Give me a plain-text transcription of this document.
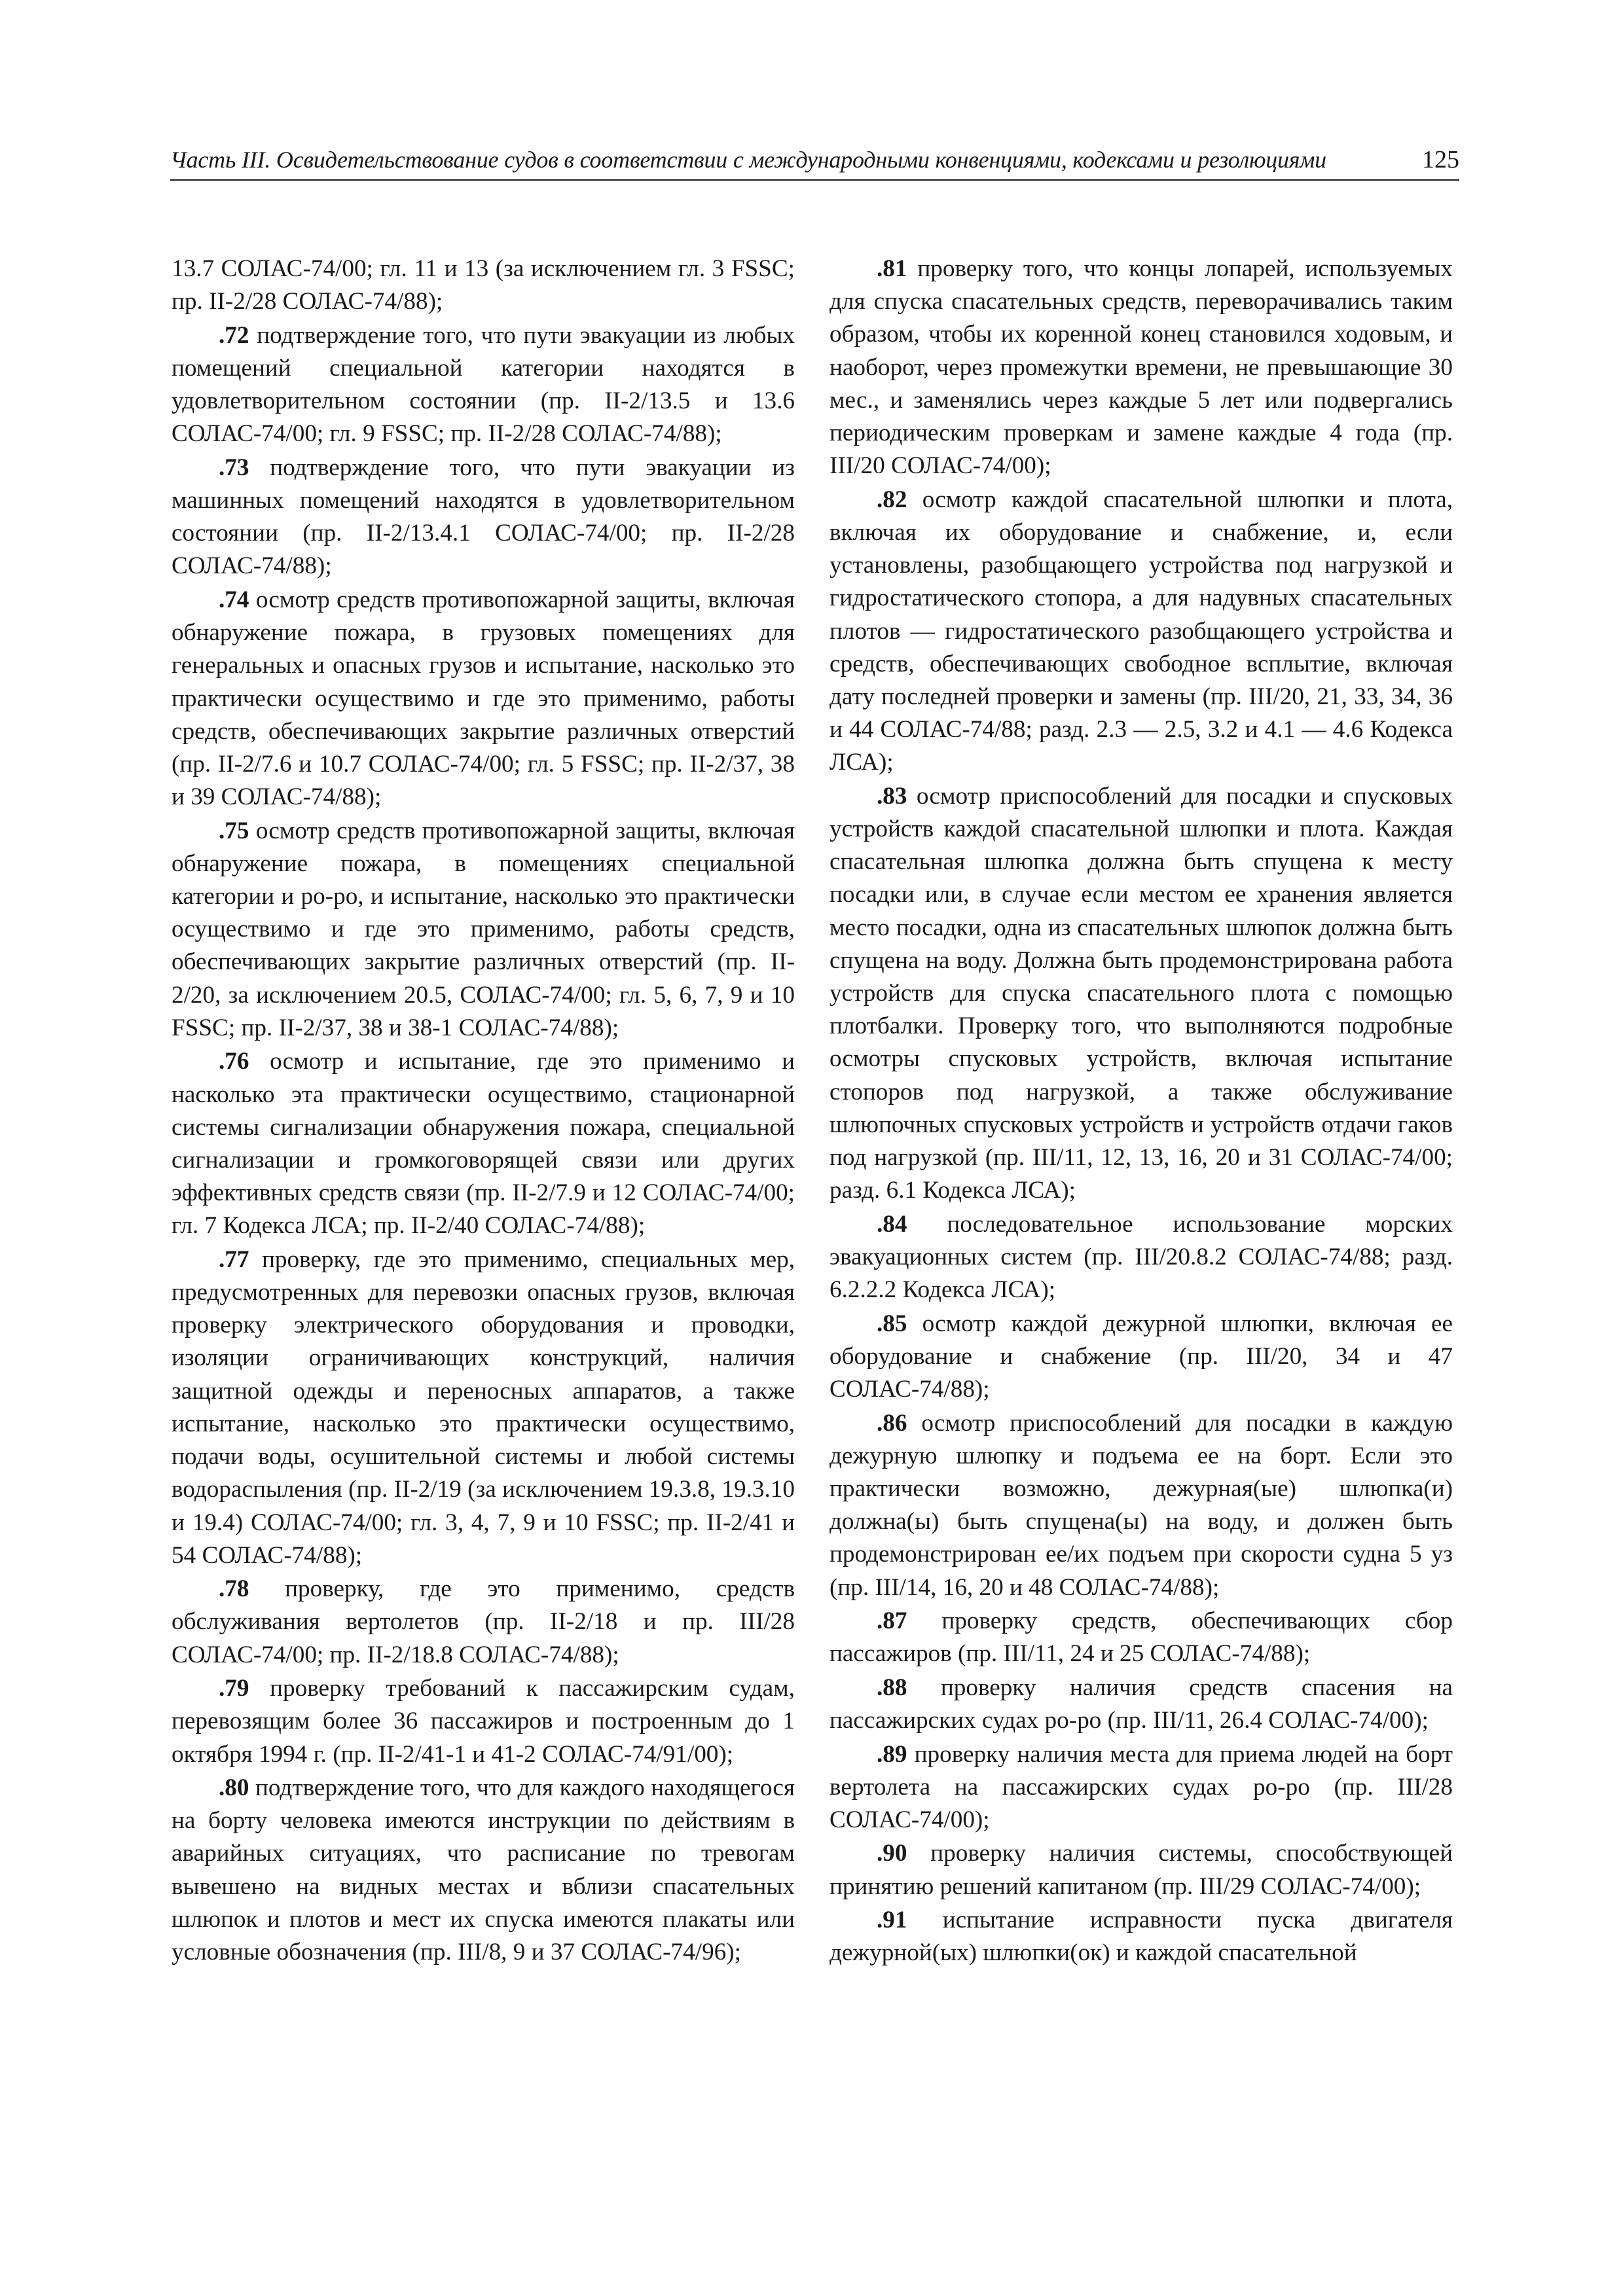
Часть III. Освидетельствование судов в соответствии с международными конвенциями, кодексами и резолюциями	125

13.7 СОЛАС-74/00; гл. 11 и 13 (за исключением гл. 3 FSSC; пр. II-2/28 СОЛАС-74/88);

.72 подтверждение того, что пути эвакуации из любых помещений специальной категории находятся в удовлетворительном состоянии (пр. II-2/13.5 и 13.6 СОЛАС-74/00; гл. 9 FSSC; пр. II-2/28 СОЛАС-74/88);

.73 подтверждение того, что пути эвакуации из машинных помещений находятся в удовлетворительном состоянии (пр. II-2/13.4.1 СОЛАС-74/00; пр. II-2/28 СОЛАС-74/88);

.74 осмотр средств противопожарной защиты, включая обнаружение пожара, в грузовых помещениях для генеральных и опасных грузов и испытание, насколько это практически осуществимо и где это применимо, работы средств, обеспечивающих закрытие различных отверстий (пр. II-2/7.6 и 10.7 СОЛАС-74/00; гл. 5 FSSC; пр. II-2/37, 38 и 39 СОЛАС-74/88);

.75 осмотр средств противопожарной защиты, включая обнаружение пожара, в помещениях специальной категории и ро-ро, и испытание, насколько это практически осуществимо и где это применимо, работы средств, обеспечивающих закрытие различных отверстий (пр. II-2/20, за исключением 20.5, СОЛАС-74/00; гл. 5, 6, 7, 9 и 10 FSSC; пр. II-2/37, 38 и 38-1 СОЛАС-74/88);

.76 осмотр и испытание, где это применимо и насколько эта практически осуществимо, стационарной системы сигнализации обнаружения пожара, специальной сигнализации и громкоговорящей связи или других эффективных средств связи (пр. II-2/7.9 и 12 СОЛАС-74/00; гл. 7 Кодекса ЛСА; пр. II-2/40 СОЛАС-74/88);

.77 проверку, где это применимо, специальных мер, предусмотренных для перевозки опасных грузов, включая проверку электрического оборудования и проводки, изоляции ограничивающих конструкций, наличия защитной одежды и переносных аппаратов, а также испытание, насколько это практически осуществимо, подачи воды, осушительной системы и любой системы водораспыления (пр. II-2/19 (за исключением 19.3.8, 19.3.10 и 19.4) СОЛАС-74/00; гл. 3, 4, 7, 9 и 10 FSSC; пр. II-2/41 и 54 СОЛАС-74/88);

.78 проверку, где это применимо, средств обслуживания вертолетов (пр. II-2/18 и пр. III/28 СОЛАС-74/00; пр. II-2/18.8 СОЛАС-74/88);

.79 проверку требований к пассажирским судам, перевозящим более 36 пассажиров и построенным до 1 октября 1994 г. (пр. II-2/41-1 и 41-2 СОЛАС-74/91/00);

.80 подтверждение того, что для каждого находящегося на борту человека имеются инструкции по действиям в аварийных ситуациях, что расписание по тревогам вывешено на видных местах и вблизи спасательных шлюпок и плотов и мест их спуска имеются плакаты или условные обозначения (пр. III/8, 9 и 37 СОЛАС-74/96);

.81 проверку того, что концы лопарей, используемых для спуска спасательных средств, переворачивались таким образом, чтобы их коренной конец становился ходовым, и наоборот, через промежутки времени, не превышающие 30 мес., и заменялись через каждые 5 лет или подвергались периодическим проверкам и замене каждые 4 года (пр. III/20 СОЛАС-74/00);

.82 осмотр каждой спасательной шлюпки и плота, включая их оборудование и снабжение, и, если установлены, разобщающего устройства под нагрузкой и гидростатического стопора, а для надувных спасательных плотов — гидростатического разобщающего устройства и средств, обеспечивающих свободное всплытие, включая дату последней проверки и замены (пр. III/20, 21, 33, 34, 36 и 44 СОЛАС-74/88; разд. 2.3 — 2.5, 3.2 и 4.1 — 4.6 Кодекса ЛСА);

.83 осмотр приспособлений для посадки и спусковых устройств каждой спасательной шлюпки и плота. Каждая спасательная шлюпка должна быть спущена к месту посадки или, в случае если местом ее хранения является место посадки, одна из спасательных шлюпок должна быть спущена на воду. Должна быть продемонстрирована работа устройств для спуска спасательного плота с помощью плотбалки. Проверку того, что выполняются подробные осмотры спусковых устройств, включая испытание стопоров под нагрузкой, а также обслуживание шлюпочных спусковых устройств и устройств отдачи гаков под нагрузкой (пр. III/11, 12, 13, 16, 20 и 31 СОЛАС-74/00; разд. 6.1 Кодекса ЛСА);

.84 последовательное использование морских эвакуационных систем (пр. III/20.8.2 СОЛАС-74/88; разд. 6.2.2.2 Кодекса ЛСА);

.85 осмотр каждой дежурной шлюпки, включая ее оборудование и снабжение (пр. III/20, 34 и 47 СОЛАС-74/88);

.86 осмотр приспособлений для посадки в каждую дежурную шлюпку и подъема ее на борт. Если это практически возможно, дежурная(ые) шлюпка(и) должна(ы) быть спущена(ы) на воду, и должен быть продемонстрирован ее/их подъем при скорости судна 5 уз (пр. III/14, 16, 20 и 48 СОЛАС-74/88);

.87 проверку средств, обеспечивающих сбор пассажиров (пр. III/11, 24 и 25 СОЛАС-74/88);

.88 проверку наличия средств спасения на пассажирских судах ро-ро (пр. III/11, 26.4 СОЛАС-74/00);

.89 проверку наличия места для приема людей на борт вертолета на пассажирских судах ро-ро (пр. III/28 СОЛАС-74/00);

.90 проверку наличия системы, способствующей принятию решений капитаном (пр. III/29 СОЛАС-74/00);

.91 испытание исправности пуска двигателя дежурной(ых) шлюпки(ок) и каждой спасательной
